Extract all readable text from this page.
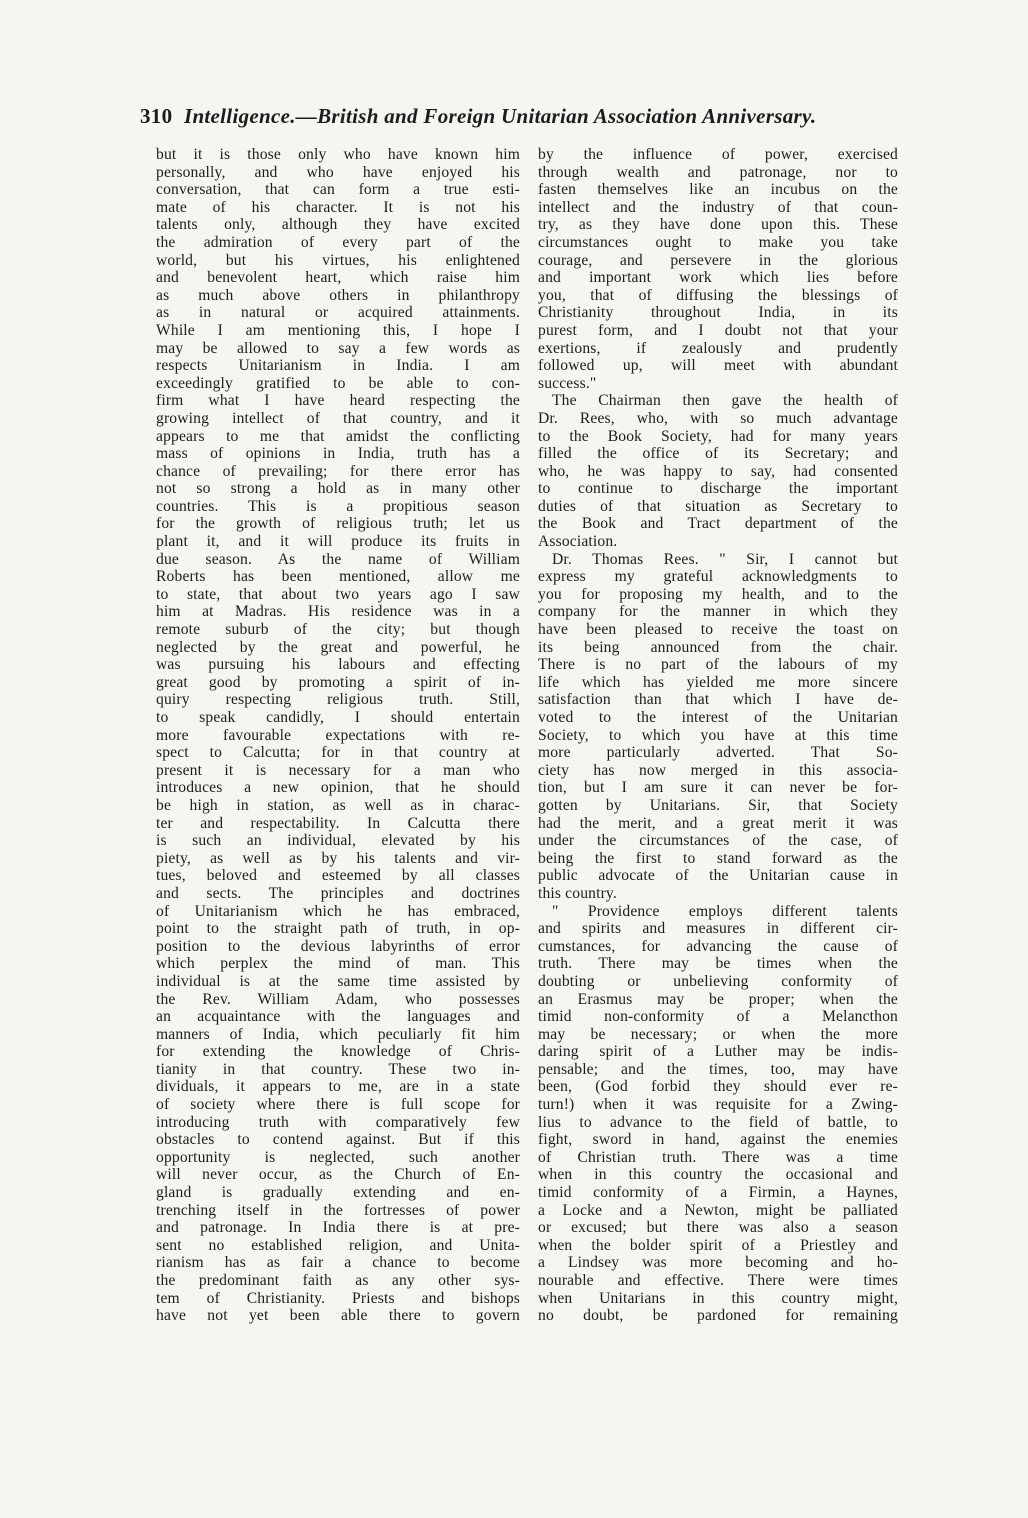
310 Intelligence.—British and Foreign Unitarian Association Anniversary.
but it is those only who have known him
personally, and who have enjoyed his
conversation, that can form a true esti-
mate of his character. It is not his
talents only, although they have excited
the admiration of every part of the
world, but his virtues, his enlightened
and benevolent heart, which raise him
as much above others in philanthropy
as in natural or acquired attainments.
While I am mentioning this, I hope I
may be allowed to say a few words as
respects Unitarianism in India. I am
exceedingly gratified to be able to con-
firm what I have heard respecting the
growing intellect of that country, and it
appears to me that amidst the conflicting
mass of opinions in India, truth has a
chance of prevailing; for there error has
not so strong a hold as in many other
countries. This is a propitious season
for the growth of religious truth; let us
plant it, and it will produce its fruits in
due season. As the name of William
Roberts has been mentioned, allow me
to state, that about two years ago I saw
him at Madras. His residence was in a
remote suburb of the city; but though
neglected by the great and powerful, he
was pursuing his labours and effecting
great good by promoting a spirit of in-
quiry respecting religious truth. Still,
to speak candidly, I should entertain
more favourable expectations with re-
spect to Calcutta; for in that country at
present it is necessary for a man who
introduces a new opinion, that he should
be high in station, as well as in charac-
ter and respectability. In Calcutta there
is such an individual, elevated by his
piety, as well as by his talents and vir-
tues, beloved and esteemed by all classes
and sects. The principles and doctrines
of Unitarianism which he has embraced,
point to the straight path of truth, in op-
position to the devious labyrinths of error
which perplex the mind of man. This
individual is at the same time assisted by
the Rev. William Adam, who possesses
an acquaintance with the languages and
manners of India, which peculiarly fit him
for extending the knowledge of Chris-
tianity in that country. These two in-
dividuals, it appears to me, are in a state
of society where there is full scope for
introducing truth with comparatively few
obstacles to contend against. But if this
opportunity is neglected, such another
will never occur, as the Church of En-
gland is gradually extending and en-
trenching itself in the fortresses of power
and patronage. In India there is at pre-
sent no established religion, and Unita-
rianism has as fair a chance to become
the predominant faith as any other sys-
tem of Christianity. Priests and bishops
have not yet been able there to govern
by the influence of power, exercised
through wealth and patronage, nor to
fasten themselves like an incubus on the
intellect and the industry of that coun-
try, as they have done upon this. These
circumstances ought to make you take
courage, and persevere in the glorious
and important work which lies before
you, that of diffusing the blessings of
Christianity throughout India, in its
purest form, and I doubt not that your
exertions, if zealously and prudently
followed up, will meet with abundant
success."
The Chairman then gave the health of
Dr. Rees, who, with so much advantage
to the Book Society, had for many years
filled the office of its Secretary; and
who, he was happy to say, had consented
to continue to discharge the important
duties of that situation as Secretary to
the Book and Tract department of the
Association.
Dr. Thomas Rees. " Sir, I cannot but
express my grateful acknowledgments to
you for proposing my health, and to the
company for the manner in which they
have been pleased to receive the toast on
its being announced from the chair.
There is no part of the labours of my
life which has yielded me more sincere
satisfaction than that which I have de-
voted to the interest of the Unitarian
Society, to which you have at this time
more particularly adverted. That So-
ciety has now merged in this associa-
tion, but I am sure it can never be for-
gotten by Unitarians. Sir, that Society
had the merit, and a great merit it was
under the circumstances of the case, of
being the first to stand forward as the
public advocate of the Unitarian cause in
this country.
" Providence employs different talents
and spirits and measures in different cir-
cumstances, for advancing the cause of
truth. There may be times when the
doubting or unbelieving conformity of
an Erasmus may be proper; when the
timid non-conformity of a Melancthon
may be necessary; or when the more
daring spirit of a Luther may be indis-
pensable; and the times, too, may have
been, (God forbid they should ever re-
turn!) when it was requisite for a Zwing-
lius to advance to the field of battle, to
fight, sword in hand, against the enemies
of Christian truth. There was a time
when in this country the occasional and
timid conformity of a Firmin, a Haynes,
a Locke and a Newton, might be palliated
or excused; but there was also a season
when the bolder spirit of a Priestley and
a Lindsey was more becoming and ho-
nourable and effective. There were times
when Unitarians in this country might,
no doubt, be pardoned for remaining
